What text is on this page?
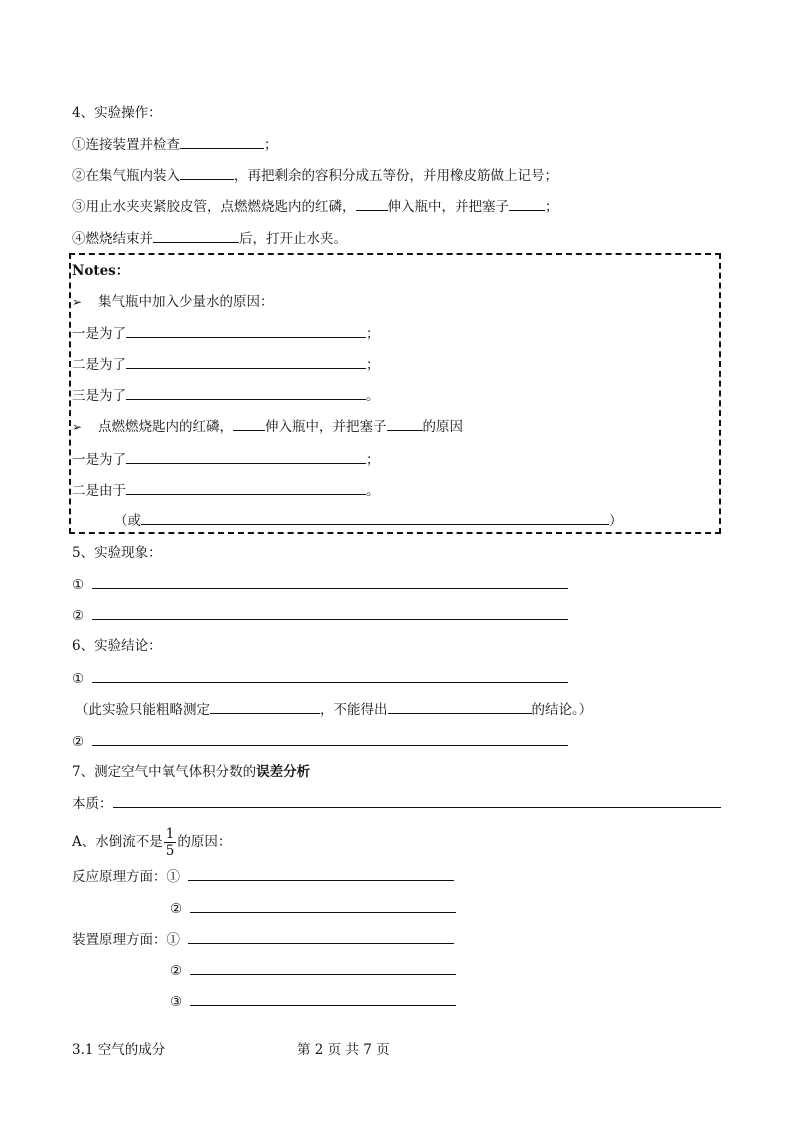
4、实验操作：
①连接装置并检查	；
②在集气瓶内装入	，再把剩余的容积分成五等份，并用橡皮筋做上记号；
③用止水夹夹紧胶皮管，点燃燃烧匙内的红磷， 伸入瓶中，并把塞子	；
④燃烧结束并	后，打开止水夹。
Notes：
➢ 集气瓶中加入少量水的原因：
一是为了	；
二是为了	；
三是为了	。
➢ 点燃燃烧匙内的红磷， 伸入瓶中，并把塞子	的原因
一是为了	；
二是由于	。
（或	）
5、实验现象：
①
②
6、实验结论：
①
（此实验只能粗略测定	，不能得出	的结论。）
②
7、测定空气中氧气体积分数的误差分析
本质：
A、水倒流不是 $\frac{1}{5}$ 的原因：
反应原理方面：①
②
装置原理方面：①
②
③
3.1 空气的成分	第 2 页 共 7 页
